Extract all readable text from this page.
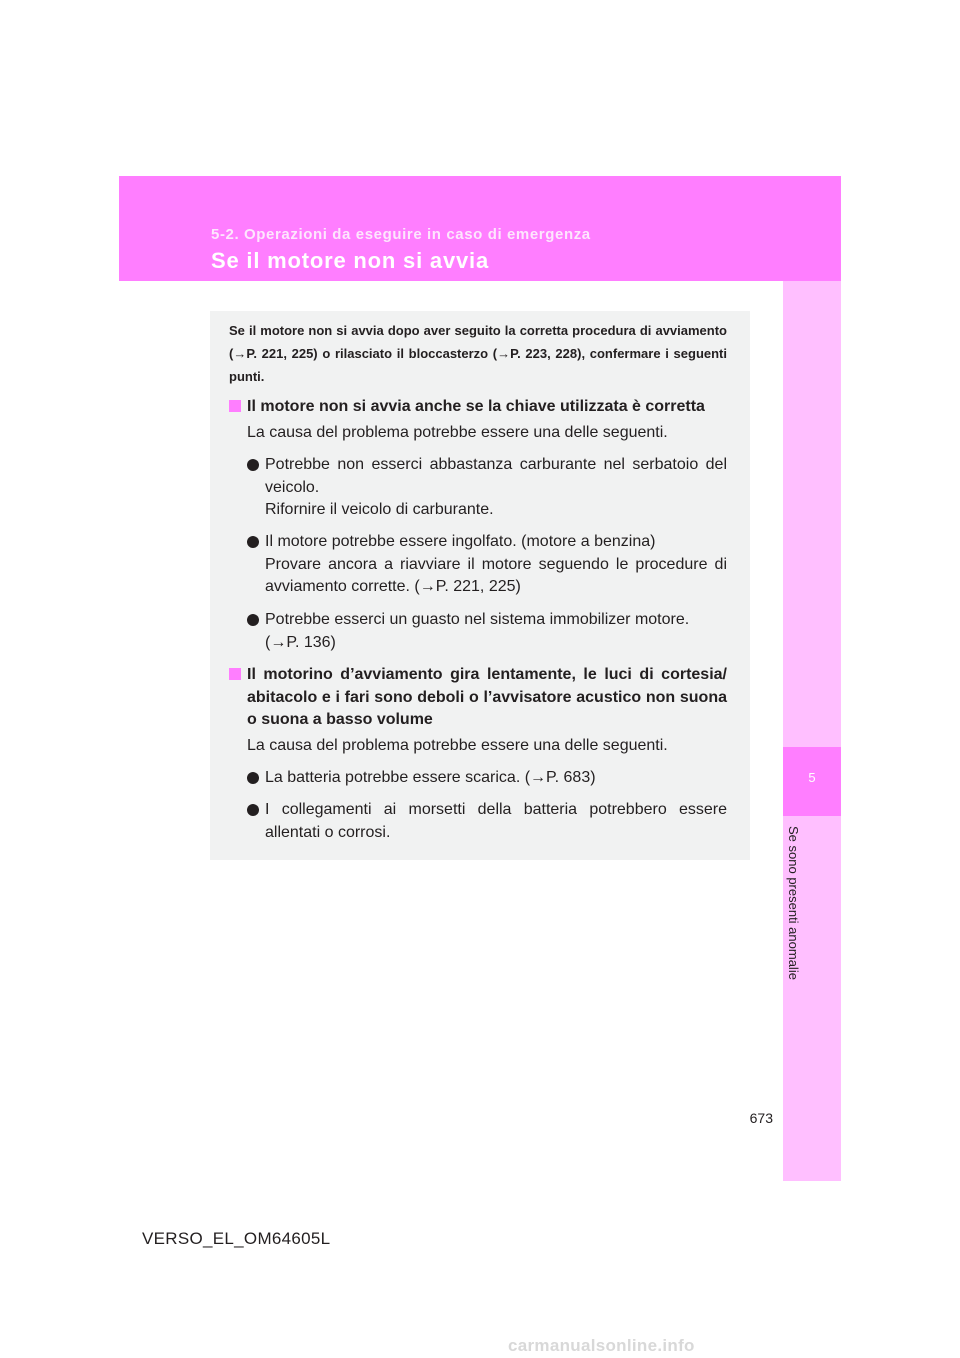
5-2. Operazioni da eseguire in caso di emergenza
Se il motore non si avvia
5
Se sono presenti anomalie
Se il motore non si avvia dopo aver seguito la corretta procedura di avviamento (→P. 221, 225) o rilasciato il bloccasterzo (→P. 223, 228), confermare i seguenti punti.
Il motore non si avvia anche se la chiave utilizzata è corretta
La causa del problema potrebbe essere una delle seguenti.
Potrebbe non esserci abbastanza carburante nel serbatoio del veicolo.
Rifornire il veicolo di carburante.
Il motore potrebbe essere ingolfato. (motore a benzina)
Provare ancora a riavviare il motore seguendo le procedure di avviamento corrette. (→P. 221, 225)
Potrebbe esserci un guasto nel sistema immobilizer motore.
(→P. 136)
Il motorino d’avviamento gira lentamente, le luci di cortesia/ abitacolo e i fari sono deboli o l’avvisatore acustico non suona o suona a basso volume
La causa del problema potrebbe essere una delle seguenti.
La batteria potrebbe essere scarica. (→P. 683)
I collegamenti ai morsetti della batteria potrebbero essere allentati o corrosi.
673
VERSO_EL_OM64605L
carmanualsonline.info
